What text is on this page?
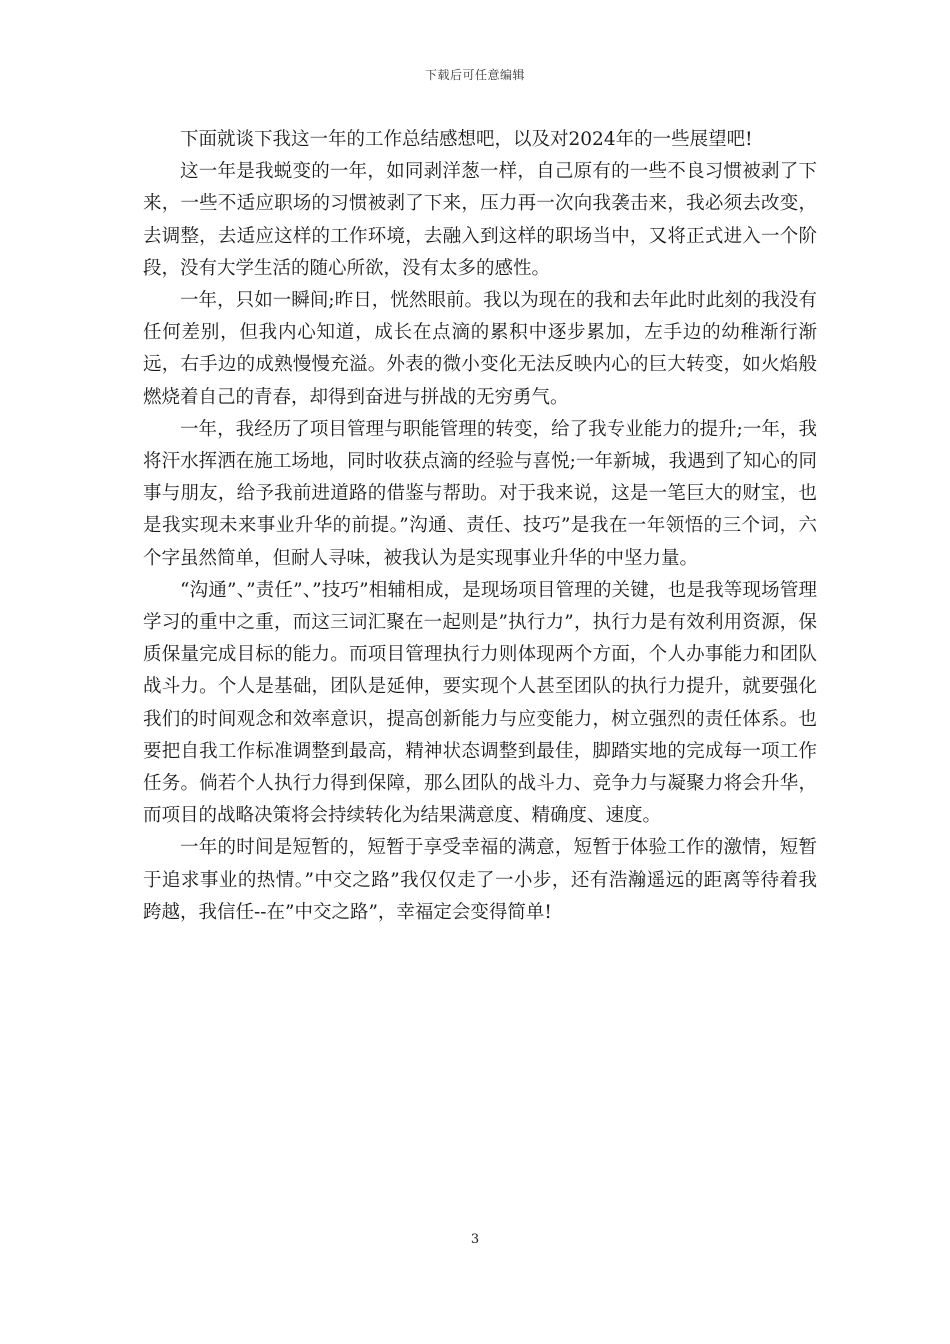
下载后可任意编辑

下面就谈下我这一年的工作总结感想吧，以及对2024年的一些展望吧!

这一年是我蜕变的一年，如同剥洋葱一样，自己原有的一些不良习惯被剥了下来，一些不适应职场的习惯被剥了下来，压力再一次向我袭击来，我必须去改变，去调整，去适应这样的工作环境，去融入到这样的职场当中，又将正式进入一个阶段，没有大学生活的随心所欲，没有太多的感性。

一年，只如一瞬间;昨日，恍然眼前。我以为现在的我和去年此时此刻的我没有任何差别，但我内心知道，成长在点滴的累积中逐步累加，左手边的幼稚渐行渐远，右手边的成熟慢慢充溢。外表的微小变化无法反映内心的巨大转变，如火焰般燃烧着自己的青春，却得到奋进与拼战的无穷勇气。

一年，我经历了项目管理与职能管理的转变，给了我专业能力的提升;一年，我将汗水挥洒在施工场地，同时收获点滴的经验与喜悦;一年新城，我遇到了知心的同事与朋友，给予我前进道路的借鉴与帮助。对于我来说，这是一笔巨大的财宝，也是我实现未来事业升华的前提。”沟通、责任、技巧”是我在一年领悟的三个词，六个字虽然简单，但耐人寻味，被我认为是实现事业升华的中坚力量。

“沟通”、”责任”、”技巧”相辅相成，是现场项目管理的关键，也是我等现场管理学习的重中之重，而这三词汇聚在一起则是”执行力”，执行力是有效利用资源，保质保量完成目标的能力。而项目管理执行力则体现两个方面，个人办事能力和团队战斗力。个人是基础，团队是延伸，要实现个人甚至团队的执行力提升，就要强化我们的时间观念和效率意识，提高创新能力与应变能力，树立强烈的责任体系。也要把自我工作标准调整到最高，精神状态调整到最佳，脚踏实地的完成每一项工作任务。倘若个人执行力得到保障，那么团队的战斗力、竞争力与凝聚力将会升华，而项目的战略决策将会持续转化为结果满意度、精确度、速度。

一年的时间是短暂的，短暂于享受幸福的满意，短暂于体验工作的激情，短暂于追求事业的热情。”中交之路”我仅仅走了一小步，还有浩瀚遥远的距离等待着我跨越，我信任--在”中交之路”，幸福定会变得简单!

3
